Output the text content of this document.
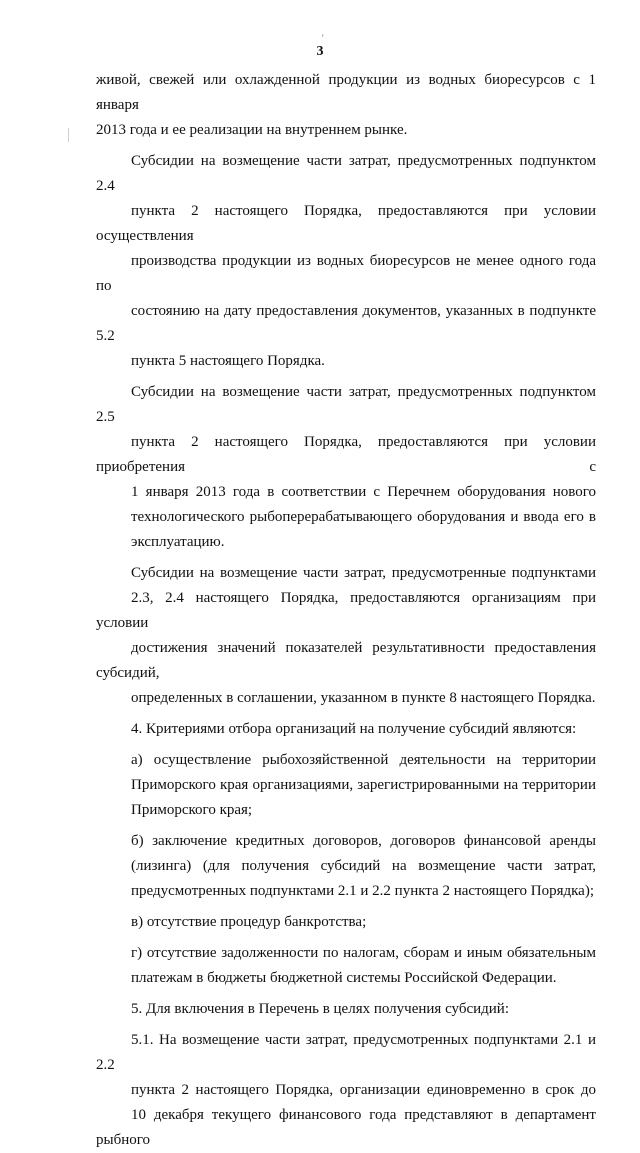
'
3

живой, свежей или охлажденной продукции из водных биоресурсов с 1 января
2013 года и ее реализации на внутреннем рынке.

Субсидии на возмещение части затрат, предусмотренных подпунктом 2.4
пункта 2 настоящего Порядка, предоставляются при условии осуществления
производства продукции из водных биоресурсов не менее одного года по
состоянию на дату предоставления документов, указанных в подпункте 5.2
пункта 5 настоящего Порядка.

Субсидии на возмещение части затрат, предусмотренных подпунктом 2.5
пункта 2 настоящего Порядка, предоставляются при условии приобретения с
1 января 2013 года в соответствии с Перечнем оборудования нового
технологического рыбоперерабатывающего оборудования и ввода его в
эксплуатацию.

Субсидии на возмещение части затрат, предусмотренные подпунктами
2.3, 2.4 настоящего Порядка, предоставляются организациям при условии
достижения значений показателей результативности предоставления субсидий,
определенных в соглашении, указанном в пункте 8 настоящего Порядка.

4. Критериями отбора организаций на получение субсидий являются:

а) осуществление рыбохозяйственной деятельности на территории
Приморского края организациями, зарегистрированными на территории
Приморского края;

б) заключение кредитных договоров, договоров финансовой аренды
(лизинга) (для получения субсидий на возмещение части затрат,
предусмотренных подпунктами 2.1 и 2.2 пункта 2 настоящего Порядка);

в) отсутствие процедур банкротства;

г) отсутствие задолженности по налогам, сборам и иным обязательным
платежам в бюджеты бюджетной системы Российской Федерации.

5. Для включения в Перечень в целях получения субсидий:

5.1. На возмещение части затрат, предусмотренных подпунктами 2.1 и 2.2
пункта 2 настоящего Порядка, организации единовременно в срок до
10 декабря текущего финансового года представляют в департамент рыбного
